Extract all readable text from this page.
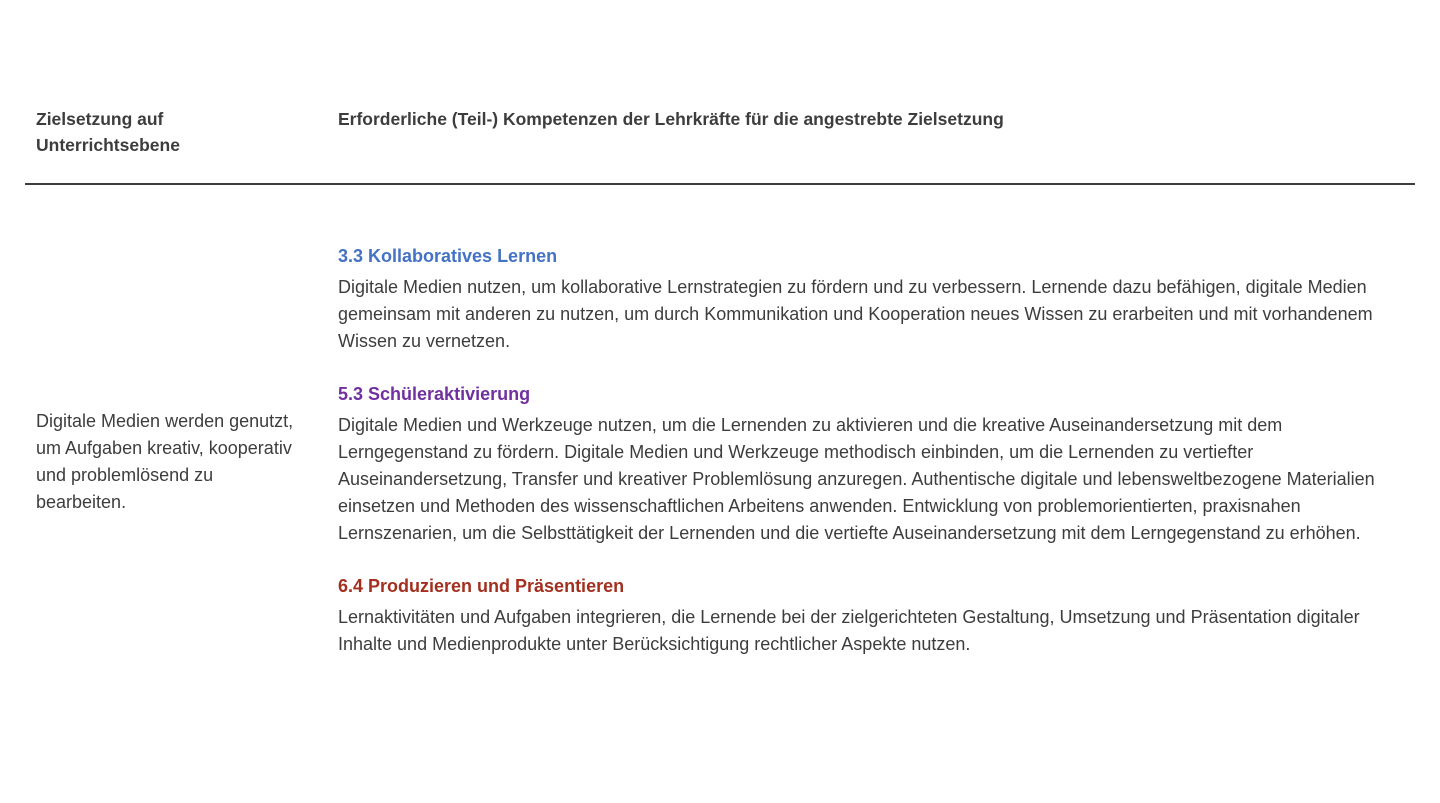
Zielsetzung auf Unterrichtsebene
Erforderliche (Teil-) Kompetenzen der Lehrkräfte für die angestrebte Zielsetzung
Digitale Medien werden genutzt, um Aufgaben kreativ, kooperativ und problemlösend zu bearbeiten.
3.3 Kollaboratives Lernen

Digitale Medien nutzen, um kollaborative Lernstrategien zu fördern und zu verbessern. Lernende dazu befähigen, digitale Medien gemeinsam mit anderen zu nutzen, um durch Kommunikation und Kooperation neues Wissen zu erarbeiten und mit vorhandenem Wissen zu vernetzen.

5.3 Schüleraktivierung

Digitale Medien und Werkzeuge nutzen, um die Lernenden zu aktivieren und die kreative Auseinandersetzung mit dem Lerngegenstand zu fördern. Digitale Medien und Werkzeuge methodisch einbinden, um die Lernenden zu vertiefter Auseinandersetzung, Transfer und kreativer Problemlösung anzuregen. Authentische digitale und lebensweltbezogene Materialien einsetzen und Methoden des wissenschaftlichen Arbeitens anwenden. Entwicklung von problemorientierten, praxisnahen Lernszenarien, um die Selbsttätigkeit der Lernenden und die vertiefte Auseinandersetzung mit dem Lerngegenstand zu erhöhen.

6.4 Produzieren und Präsentieren

Lernaktivitäten und Aufgaben integrieren, die Lernende bei der zielgerichteten Gestaltung, Umsetzung und Präsentation digitaler Inhalte und Medienprodukte unter Berücksichtigung rechtlicher Aspekte nutzen.
